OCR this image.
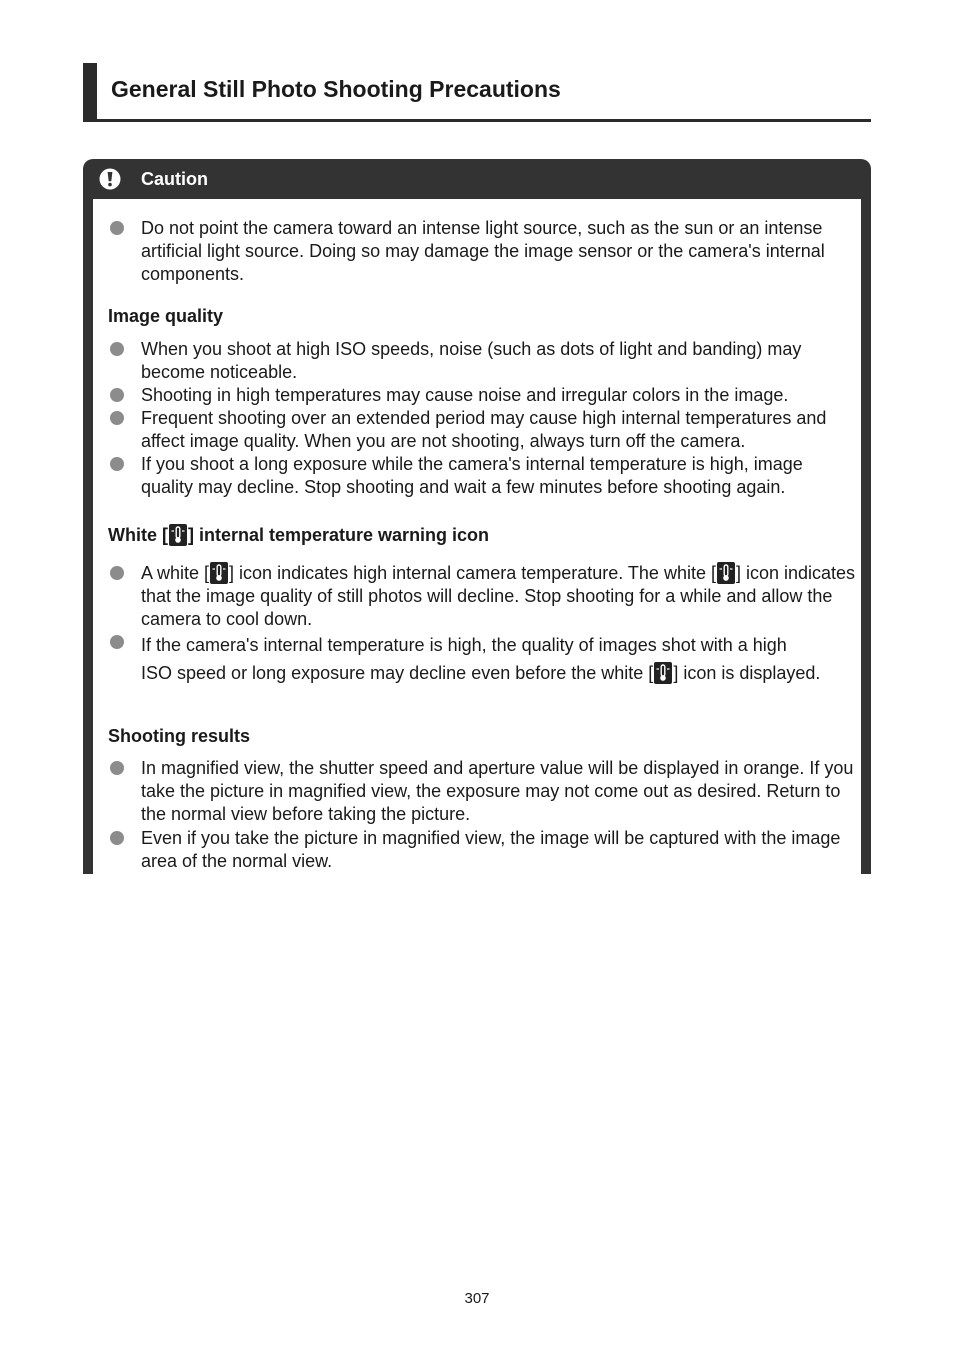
General Still Photo Shooting Precautions
Caution
Do not point the camera toward an intense light source, such as the sun or an intense artificial light source. Doing so may damage the image sensor or the camera's internal components.
Image quality
When you shoot at high ISO speeds, noise (such as dots of light and banding) may become noticeable.
Shooting in high temperatures may cause noise and irregular colors in the image.
Frequent shooting over an extended period may cause high internal temperatures and affect image quality. When you are not shooting, always turn off the camera.
If you shoot a long exposure while the camera's internal temperature is high, image quality may decline. Stop shooting and wait a few minutes before shooting again.
White [ ] internal temperature warning icon
A white [ ] icon indicates high internal camera temperature. The white [ ] icon indicates that the image quality of still photos will decline. Stop shooting for a while and allow the camera to cool down.
If the camera's internal temperature is high, the quality of images shot with a high
ISO speed or long exposure may decline even before the white [ ] icon is displayed.
Shooting results
In magnified view, the shutter speed and aperture value will be displayed in orange. If you take the picture in magnified view, the exposure may not come out as desired. Return to the normal view before taking the picture.
Even if you take the picture in magnified view, the image will be captured with the image area of the normal view.
307
